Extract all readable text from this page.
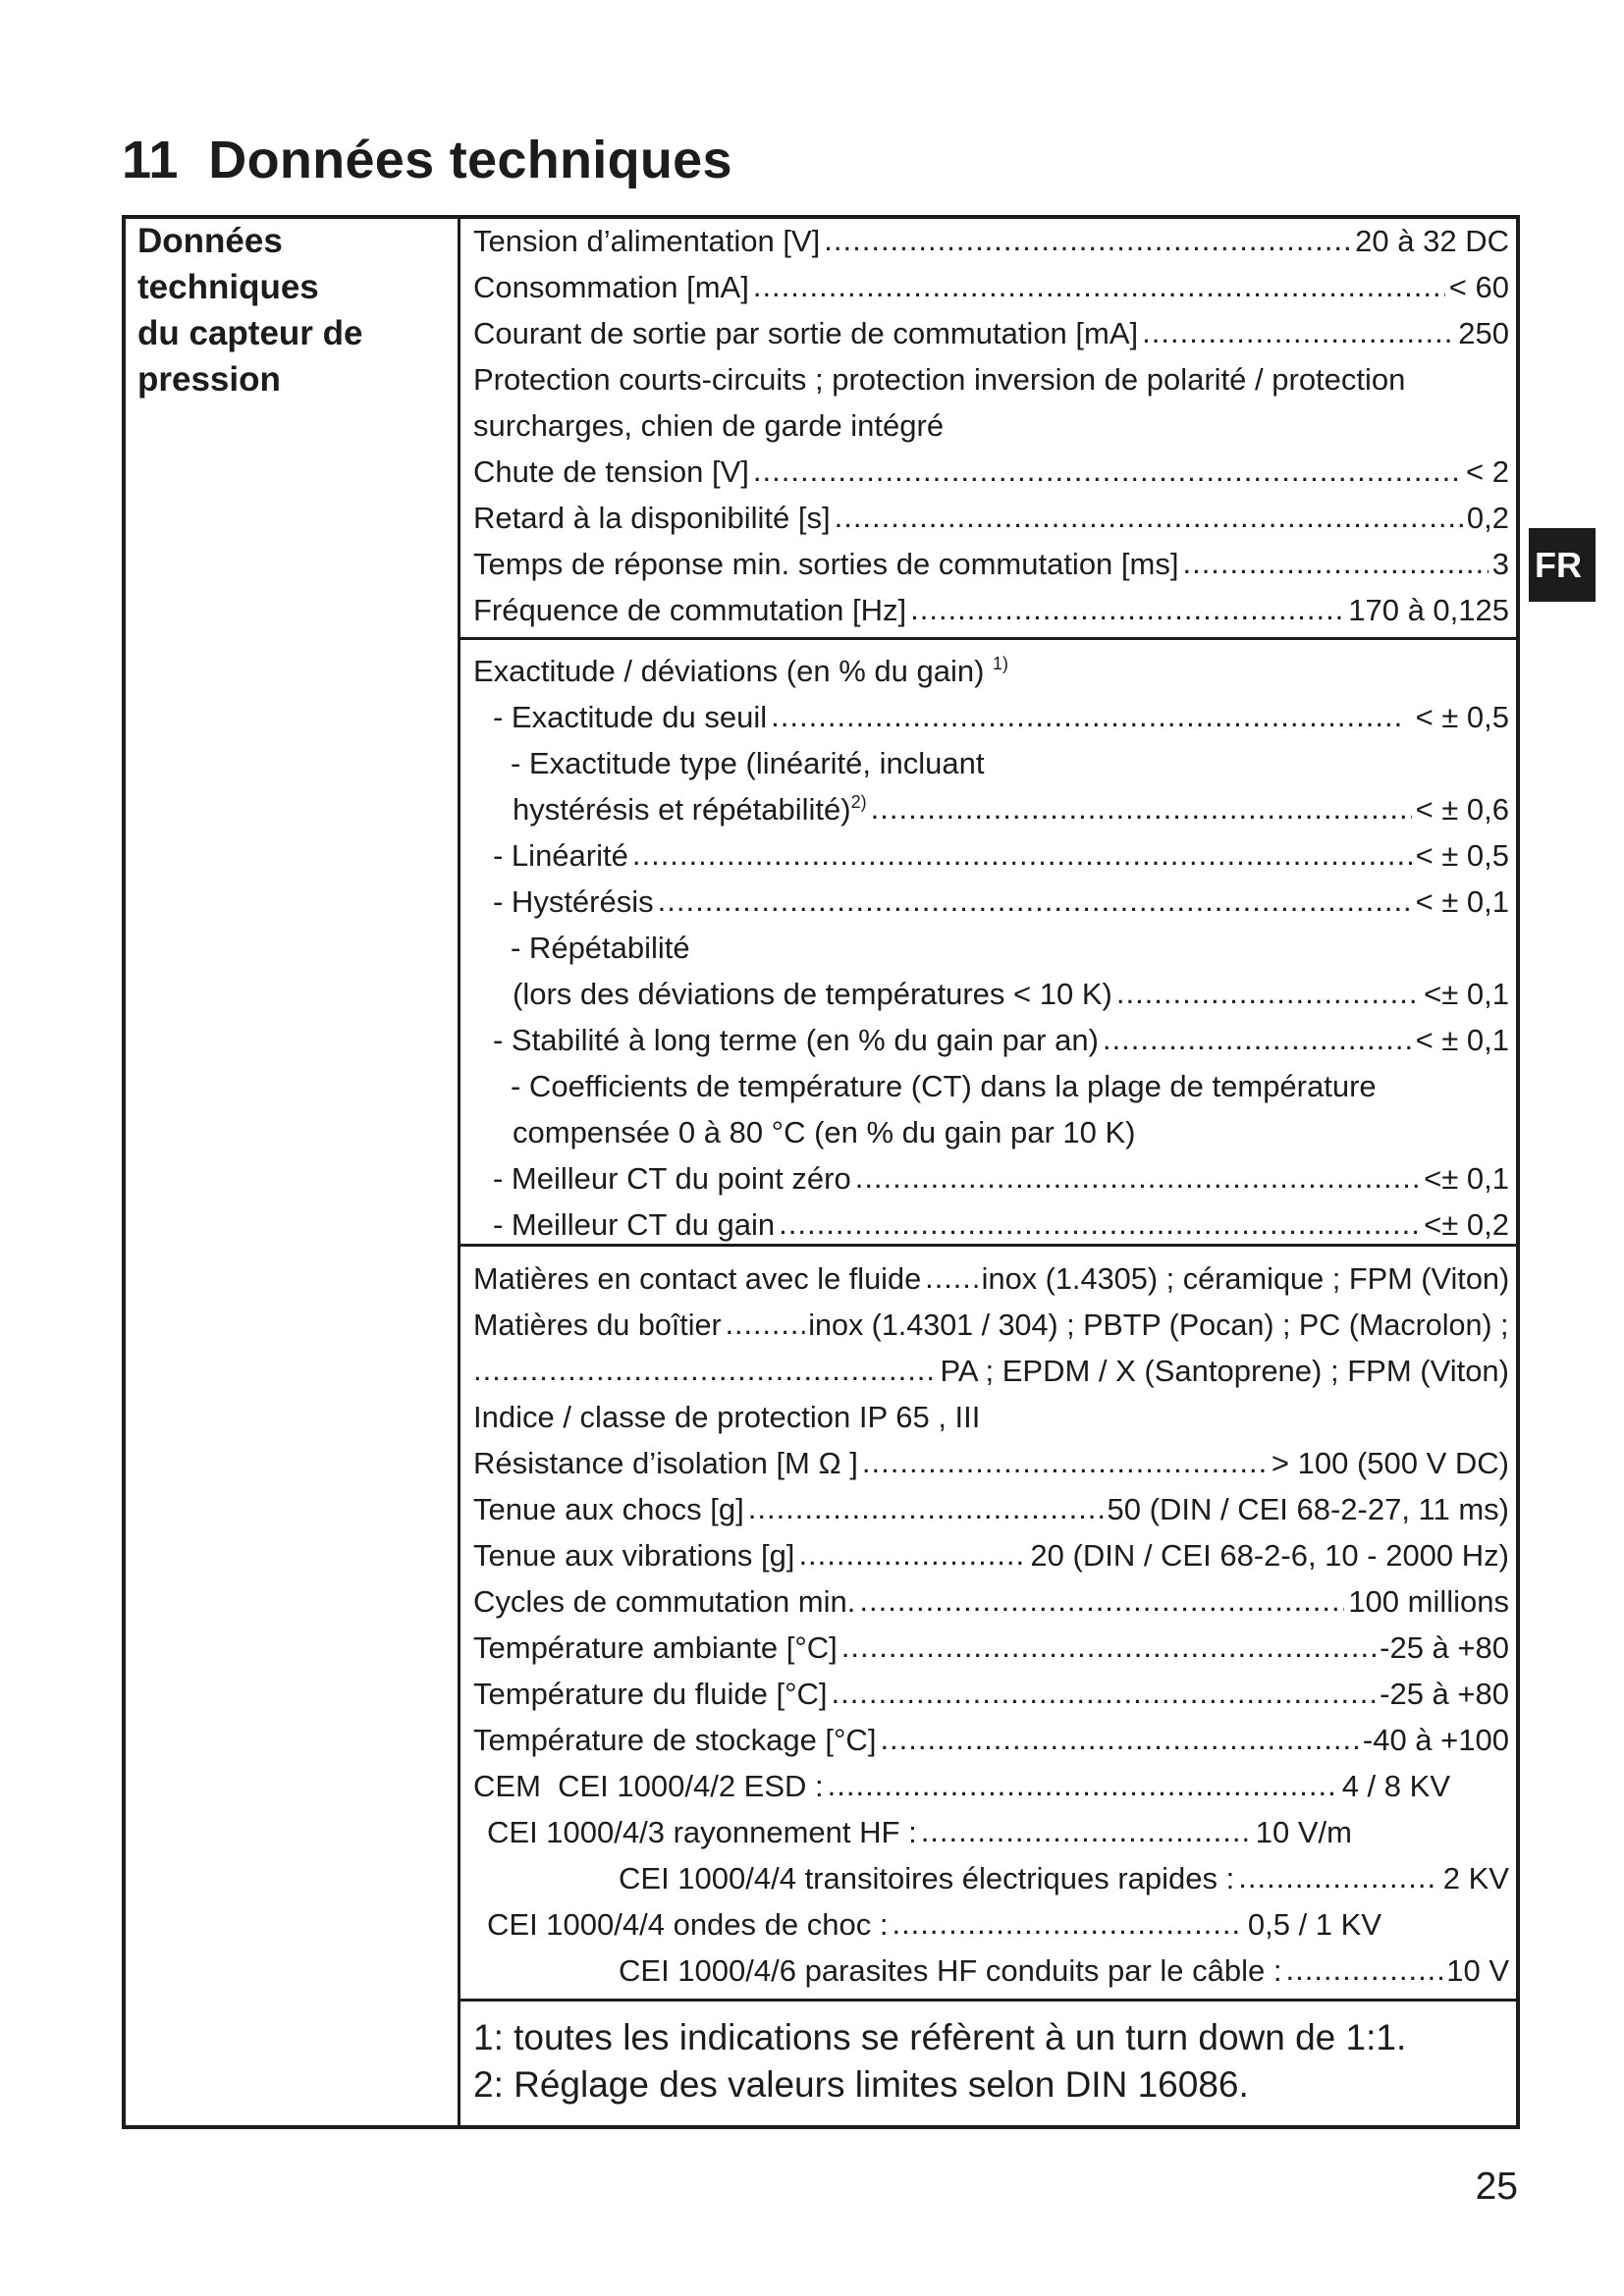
11 Données techniques
FR
Données
techniques
du capteur de
pression
Tension d’alimentation [V] .....	20 à 32 DC
Consommation [mA] .....	< 60
Courant de sortie par sortie de commutation [mA] .....	250
Protection courts-circuits ; protection inversion de polarité / protection
surcharges, chien de garde intégré
Chute de tension [V] .....	< 2
Retard à la disponibilité [s] .....	0,2
Temps de réponse min. sorties de commutation [ms] .....	3
Fréquence de commutation [Hz] .....	170 à 0,125
Exactitude / déviations (en % du gain) $^{1)}$
- Exactitude du seuil .....	< ± 0,5
- Exactitude type (linéarité, incluant
hystérésis et répétabilité)$^{2)}$ .....	< ± 0,6
- Linéarité .....	< ± 0,5
- Hystérésis .....	< ± 0,1
- Répétabilité
(lors des déviations de températures < 10 K) .....	<± 0,1
- Stabilité à long terme (en % du gain par an) .....	< ± 0,1
- Coefficients de température (CT) dans la plage de température
compensée 0 à 80 °C (en % du gain par 10 K)
- Meilleur CT du point zéro .....	<± 0,1
- Meilleur CT du gain .....	<± 0,2
Matières en contact avec le fluide ..... inox (1.4305) ; céramique ; FPM (Viton)
Matières du boîtier .....	inox (1.4301 / 304) ; PBTP (Pocan) ; PC (Macrolon) ;
.....
PA ; EPDM / X (Santoprene) ; FPM (Viton)
Indice / classe de protection IP 65 , III
Résistance d’isolation [M Ω ] .....	> 100 (500 V DC)
Tenue aux chocs [g] .....	50 (DIN / CEI 68-2-27, 11 ms)
Tenue aux vibrations [g] .....	20 (DIN / CEI 68-2-6, 10 - 2000 Hz)
Cycles de commutation min. .....	100 millions
Température ambiante [°C] .....	-25 à +80
Température du fluide [°C] .....	-25 à +80
Température de stockage [°C] .....	-40 à +100
CEM  CEI 1000/4/2 ESD : .....	4 / 8 KV
CEI 1000/4/3 rayonnement HF : .....	10 V/m
CEI 1000/4/4 transitoires électriques rapides : .....	2 KV
CEI 1000/4/4 ondes de choc : .....	0,5 / 1 KV
CEI 1000/4/6 parasites HF conduits par le câble : .....	10 V
1: toutes les indications se réfèrent à un turn down de 1:1.
2: Réglage des valeurs limites selon DIN 16086.
25
